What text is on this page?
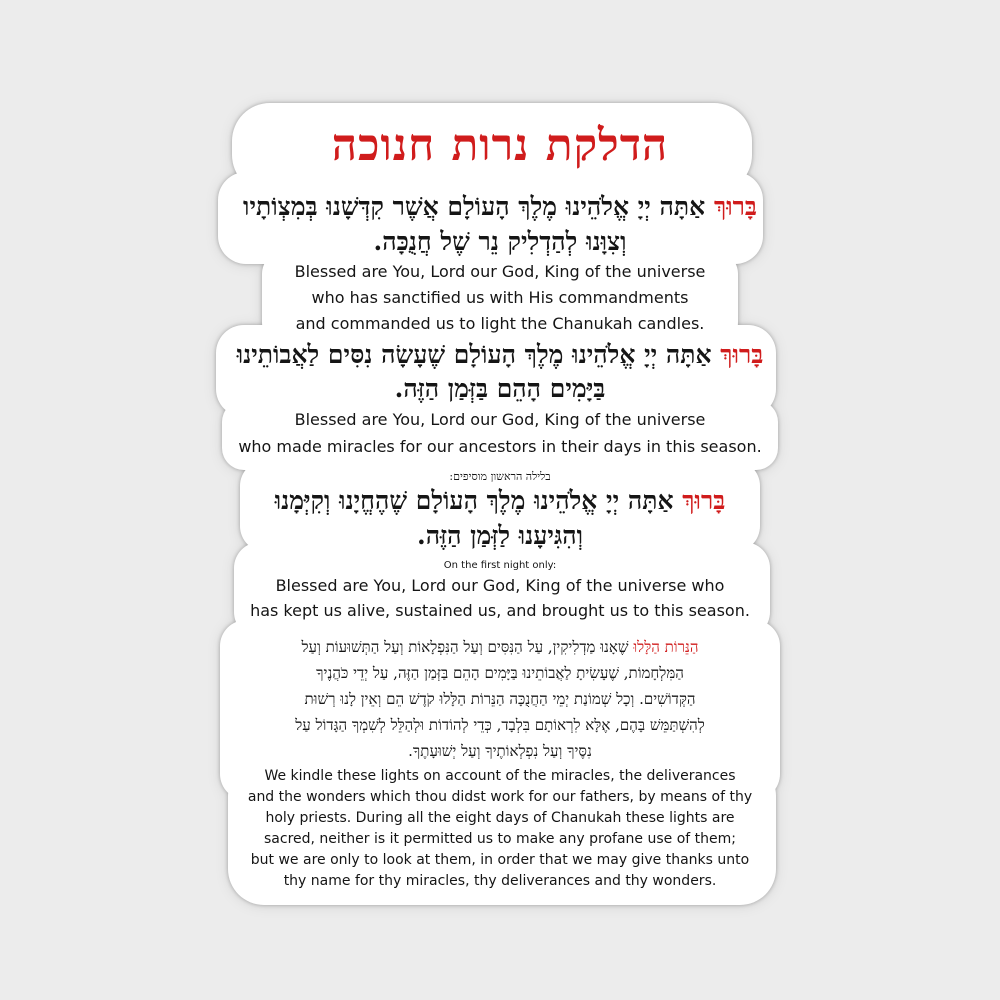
הדלקת נרות חנוכה
בָּרוּךְ אַתָּה יְיָ אֱלֹהֵינוּ מֶלֶךְ הָעוֹלָם אֲשֶׁר קִדְּשָׁנוּ בְּמִצְוֹתָיו
וְצִוָּנוּ לְהַדְלִיק נֵר שֶׁל חֲנֻכָּה.
Blessed are You, Lord our God, King of the universe
who has sanctified us with His commandments
and commanded us to light the Chanukah candles.
בָּרוּךְ אַתָּה יְיָ אֱלֹהֵינוּ מֶלֶךְ הָעוֹלָם שֶׁעָשָׂה נִסִּים לַאֲבוֹתֵינוּ
בַּיָּמִים הָהֵם בַּזְּמַן הַזֶּה.
Blessed are You, Lord our God, King of the universe
who made miracles for our ancestors in their days in this season.
בלילה הראשון מוסיפים:
בָּרוּךְ אַתָּה יְיָ אֱלֹהֵינוּ מֶלֶךְ הָעוֹלָם שֶׁהֶחֱיָנוּ וְקִיְּמָנוּ
וְהִגִּיעָנוּ לַזְּמַן הַזֶּה.
On the first night only:
Blessed are You, Lord our God, King of the universe who
has kept us alive, sustained us, and brought us to this season.
הַנֵּרוֹת הַלָּלוּ שֶׁאָנוּ מַדְלִיקִין, עַל הַנִּסִּים וְעַל הַנִּפְלָאוֹת וְעַל הַתְּשׁוּעוֹת וְעַל
הַמִּלְחָמוֹת, שֶׁעָשִׂיתָ לַאֲבוֹתֵינוּ בַּיָּמִים הָהֵם בַּזְּמַן הַזֶּה, עַל יְדֵי כֹּהֲנֶיךָ
הַקְּדוֹשִׁים. וְכָל שְׁמוֹנַת יְמֵי הַחֲנֻכָּה הַנֵּרוֹת הַלָּלוּ קֹדֶשׁ הֵם וְאֵין לָנוּ רְשׁוּת
לְהִשְׁתַּמֵּשׁ בָּהֶם, אֶלָּא לִרְאוֹתָם בִּלְבָד, כְּדֵי לְהוֹדוֹת וּלְהַלֵּל לְשִׁמְךָ הַגָּדוֹל עַל
נִסֶּיךָ וְעַל נִפְלְאוֹתֶיךָ וְעַל יְשׁוּעָתֶךָ.
We kindle these lights on account of the miracles, the deliverances
and the wonders which thou didst work for our fathers, by means of thy
holy priests. During all the eight days of Chanukah these lights are
sacred, neither is it permitted us to make any profane use of them;
but we are only to look at them, in order that we may give thanks unto
thy name for thy miracles, thy deliverances and thy wonders.
